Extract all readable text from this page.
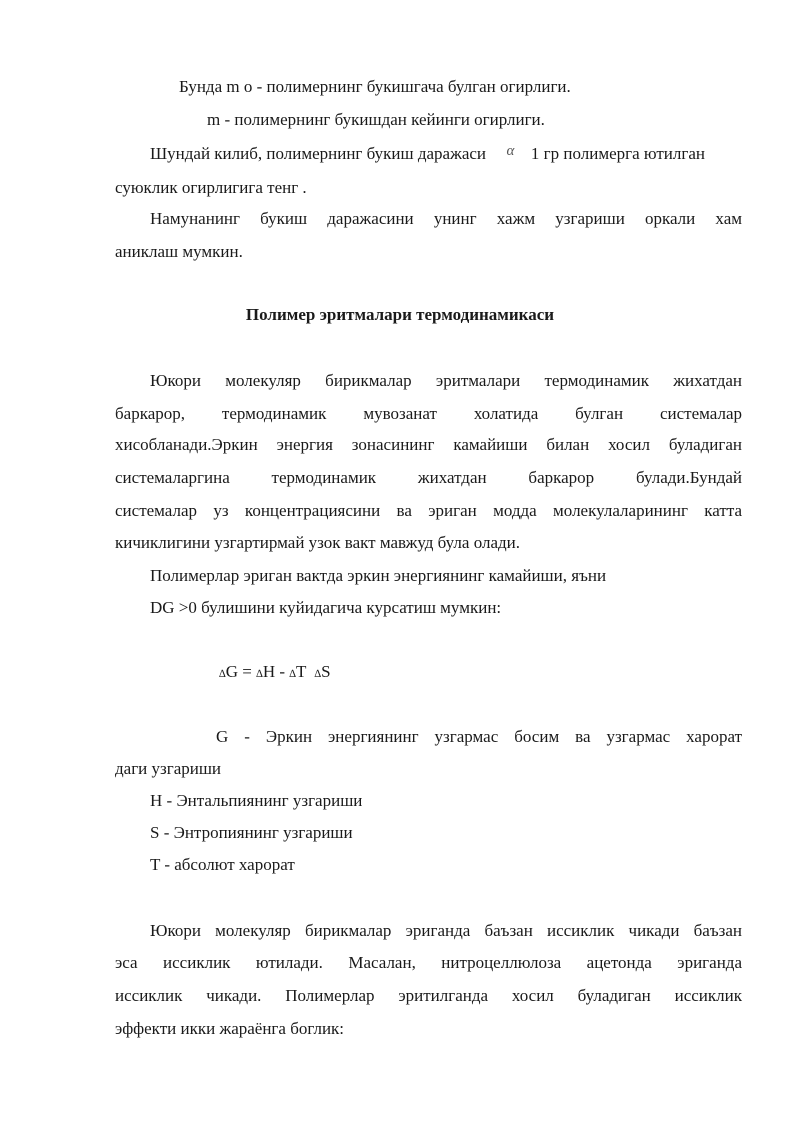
Бунда m o - полимернинг букишгача булган огирлиги.
m - полимернинг букишдан кейинги огирлиги.
Шундай килиб, полимернинг букиш даражаси α 1 гр полимерга ютилган
суюклик огирлигига тенг .
Намунанинг букиш даражасини унинг хажм узгариши оркали хам
аниклаш мумкин.
Полимер эритмалари термодинамикаси
Юкори молекуляр бирикмалар эритмалари термодинамик жихатдан
баркарор, термодинамик мувозанат холатида булган системалар
хисобланади.Эркин энергия зонасининг камайиши билан хосил буладиган
системаларгина термодинамик жихатдан баркарор булади.Бундай
системалар уз концентрациясини ва эриган модда молекулаларининг катта
кичиклигини узгартирмай узок вакт мавжуд була олади.
Полимерлар эриган вактда эркин энергиянинг камайиши, яъни
DG >0 булишини куйидагича курсатиш мумкин:
∆G = ∆H - ∆T ∆S
G - Эркин энергиянинг узгармас босим ва узгармас харорат
даги узгариши
H - Энтальпиянинг узгариши
S - Энтропиянинг узгариши
T - абсолют харорат
Юкори молекуляр бирикмалар эриганда баъзан иссиклик чикади баъзан
эса иссиклик ютилади. Масалан, нитроцеллюлоза ацетонда эриганда
иссиклик чикади. Полимерлар эритилганда хосил буладиган иссиклик
эффекти икки жараёнга боглик:
